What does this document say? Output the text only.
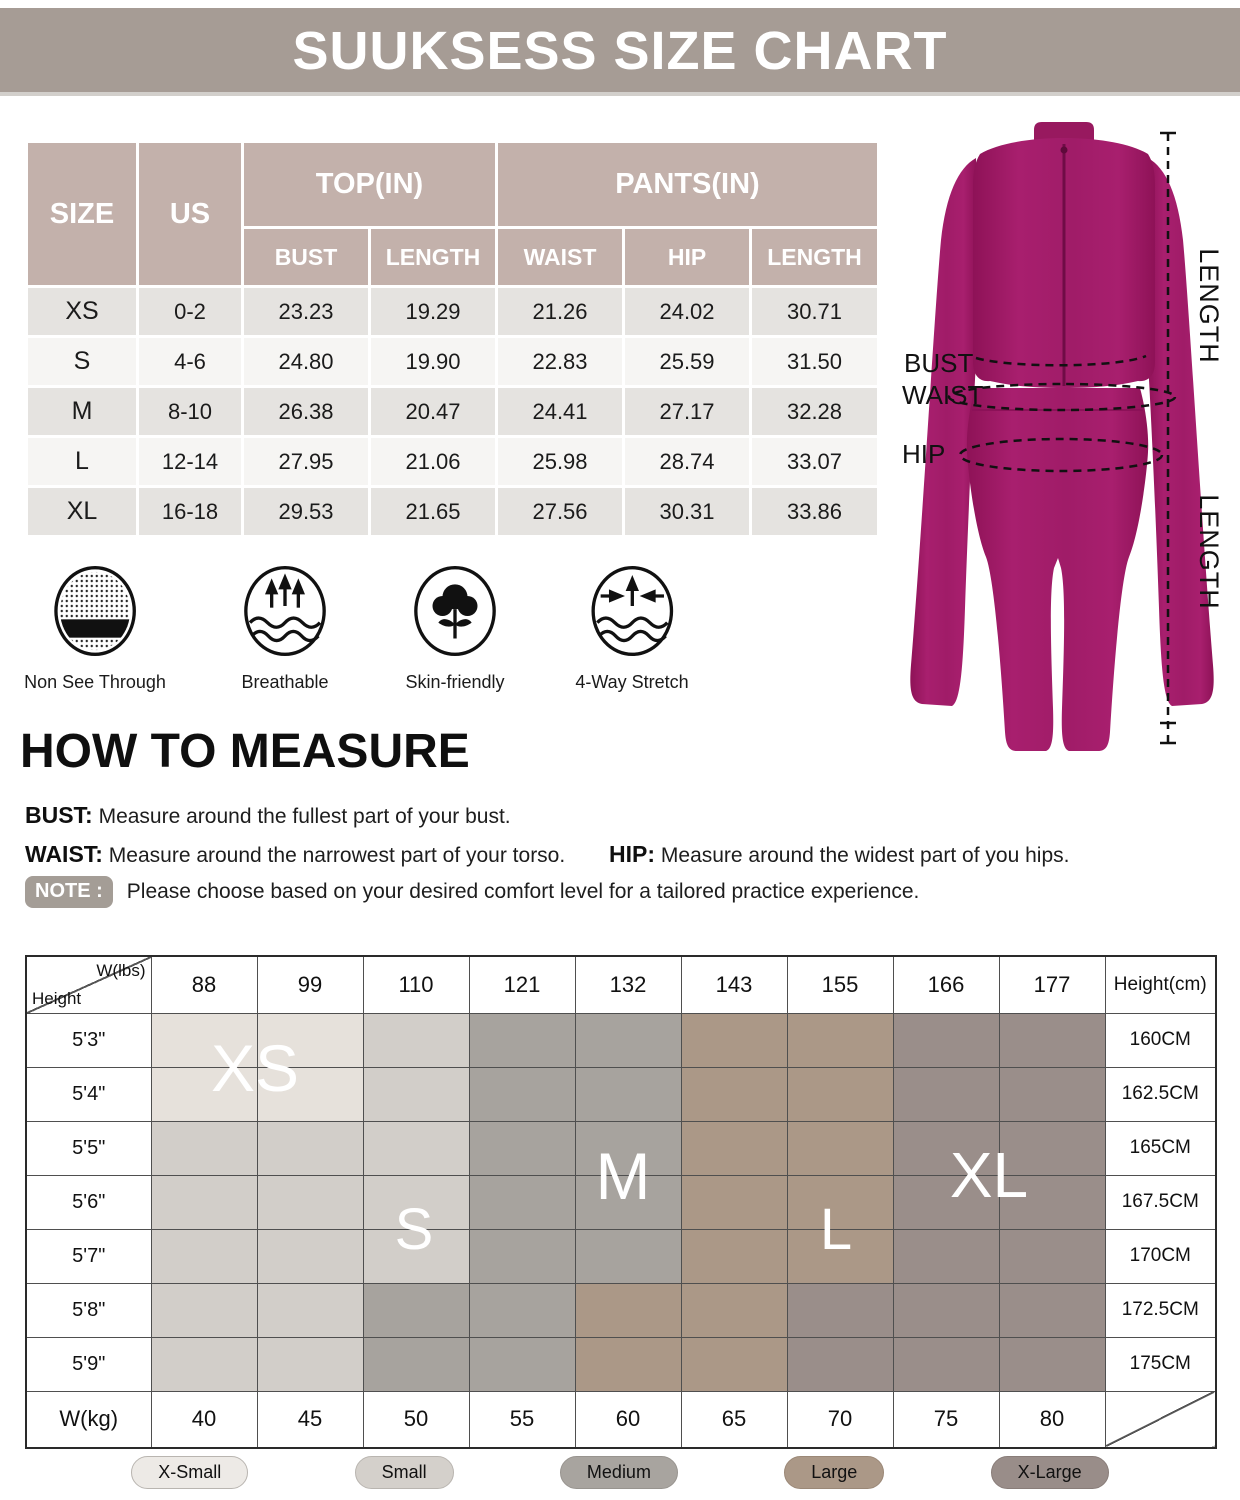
SUUKSESS SIZE CHART
SIZE	US	TOP(IN)		PANTS(IN)		
		BUST	LENGTH	WAIST	HIP	LENGTH
XS	0-2	23.23	19.29	21.26	24.02	30.71
S	4-6	24.80	19.90	22.83	25.59	31.50
M	8-10	26.38	20.47	24.41	27.17	32.28
L	12-14	27.95	21.06	25.98	28.74	33.07
XL	16-18	29.53	21.65	27.56	30.31	33.86
BUST
WAIST
HIP
LENGTH
LENGTH
Non See Through	Breathable	Skin-friendly	4-Way Stretch
HOW TO MEASURE
BUST: Measure around the fullest part of your bust.
WAIST: Measure around the narrowest part of your torso. HIP: Measure around the widest part of you hips.
NOTE :	Please choose based on your desired comfort level for a tailored practice experience.
W(lbs)
Height	88	99	110	121	132	143	155	166	177	Height(cm)
5'3"										160CM
5'4"										162.5CM
5'5"										165CM
5'6"										167.5CM
5'7"										170CM
5'8"										172.5CM
5'9"										175CM
W(kg)	40	45	50	55	60	65	70	75	80	
XS
S
M
L
XL
X-Small	Small	Medium	Large	X-Large
